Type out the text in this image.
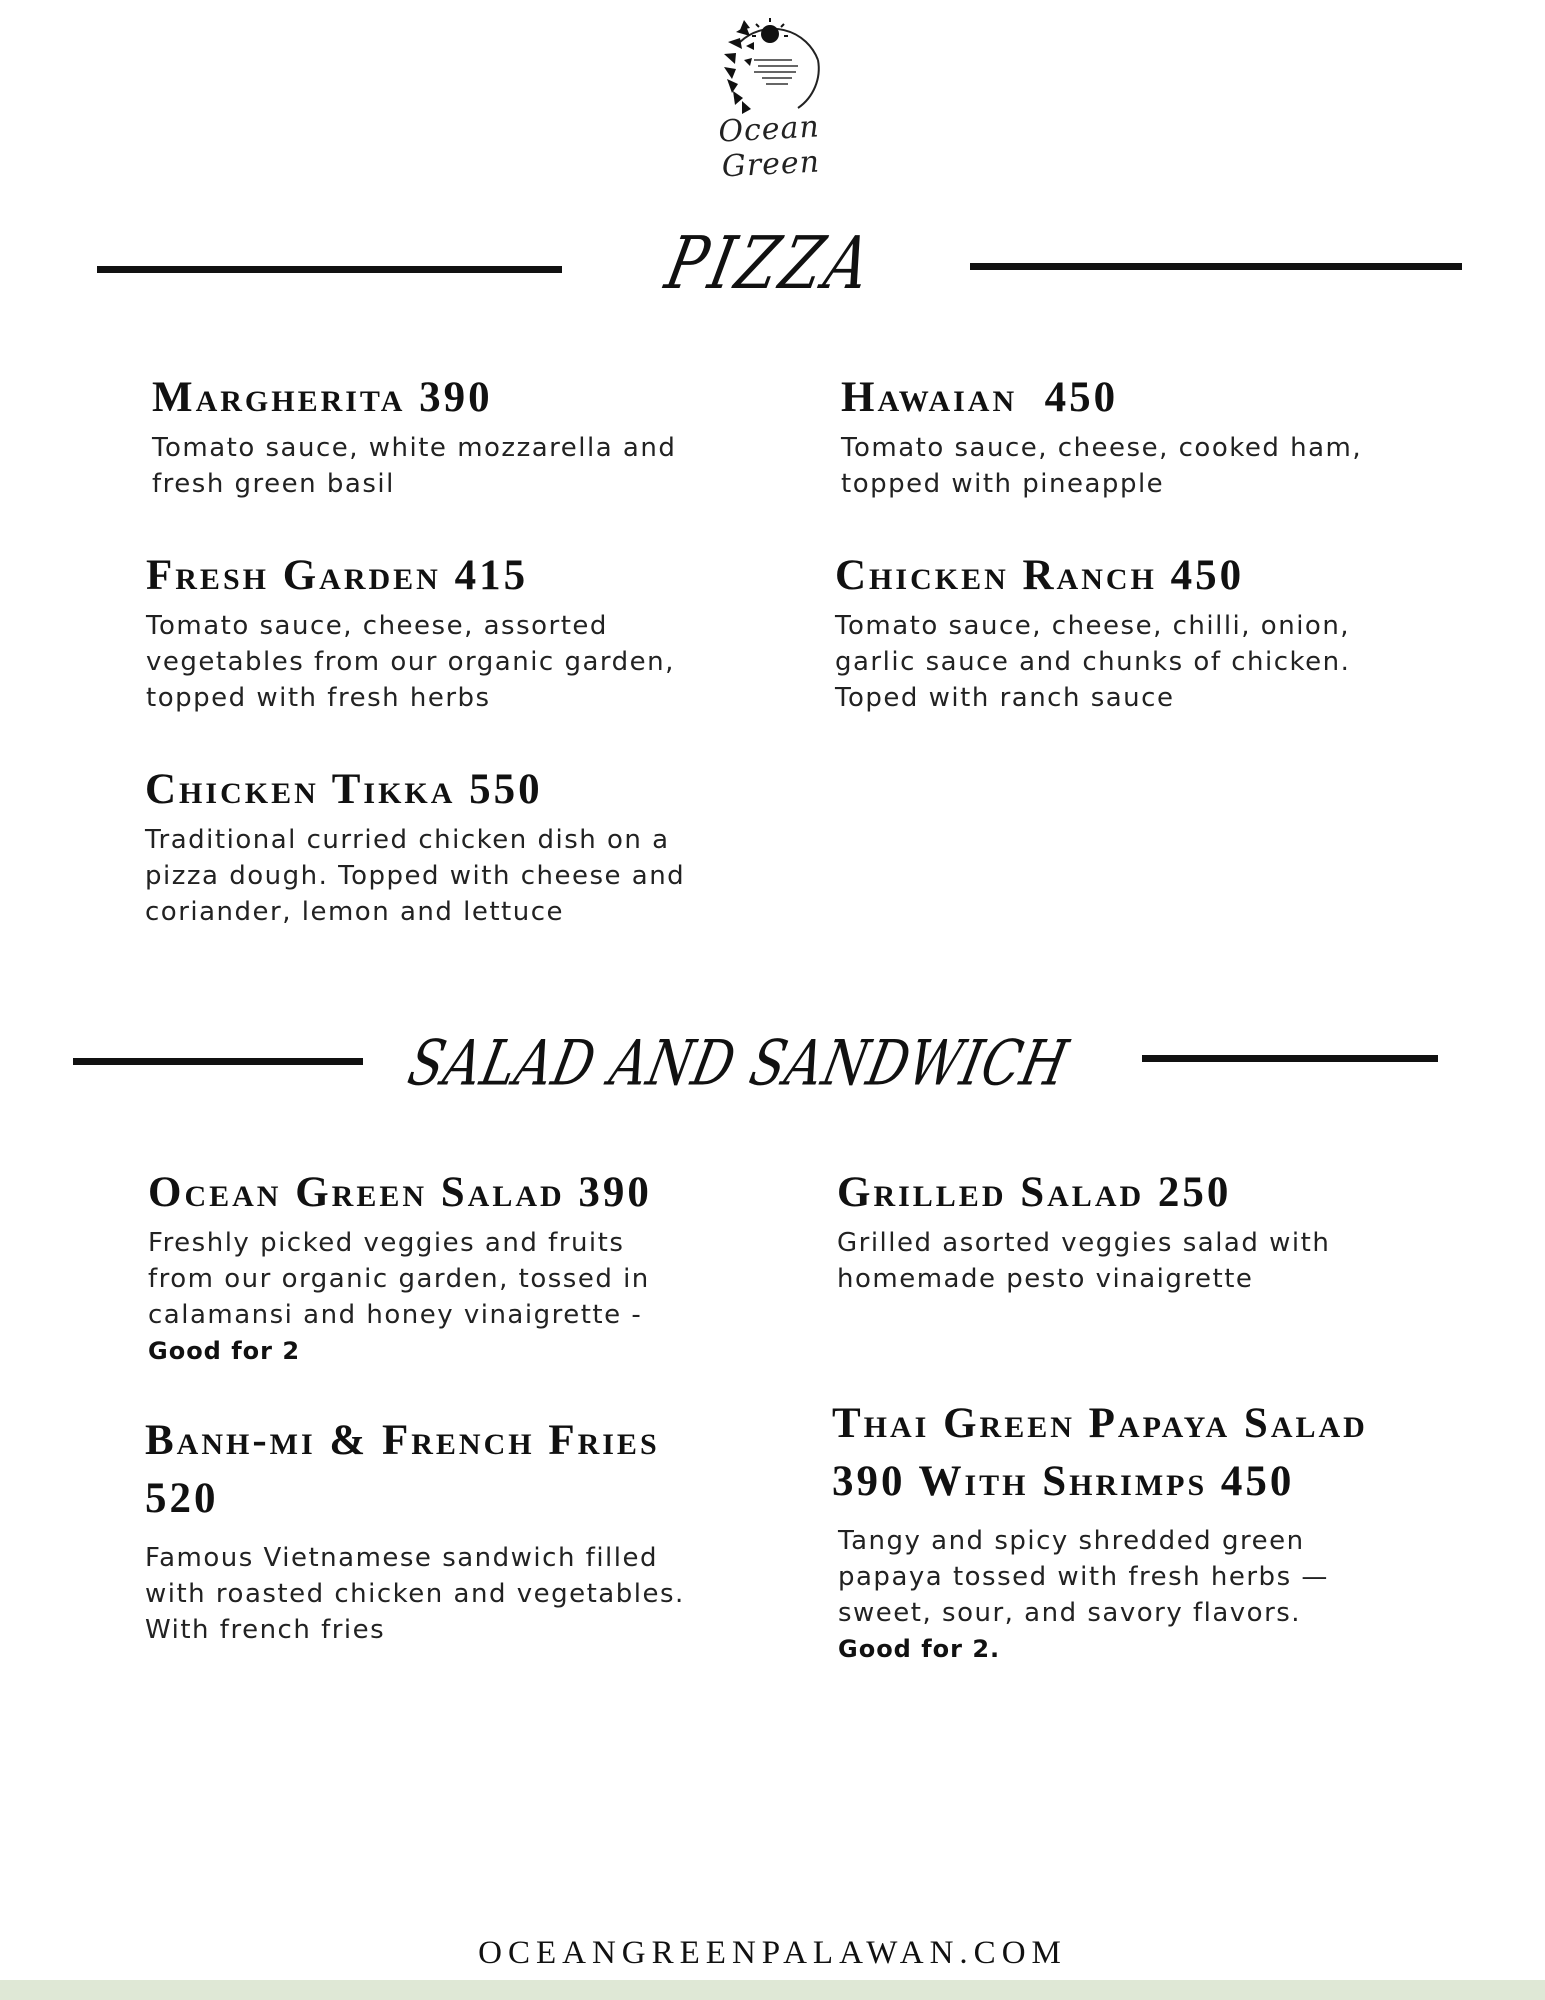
Ocean Green
PIZZA
Margherita 390

Tomato sauce, white mozzarella and fresh green basil

Hawaian  450

Tomato sauce, cheese, cooked ham, topped with pineapple

Fresh Garden 415

Tomato sauce, cheese, assorted vegetables from our organic garden, topped with fresh herbs

Chicken Ranch 450

Tomato sauce, cheese, chilli, onion, garlic sauce and chunks of chicken. Toped with ranch sauce

Chicken Tikka 550

Traditional curried chicken dish on a pizza dough. Topped with cheese and coriander, lemon and lettuce

SALAD AND SANDWICH
Ocean Green Salad 390

Freshly picked veggies and fruits from our organic garden, tossed in calamansi and honey vinaigrette -
Good for 2

Grilled Salad 250

Grilled asorted veggies salad with homemade pesto vinaigrette

Banh-mi & French Fries 520

Famous Vietnamese sandwich filled with roasted chicken and vegetables. With french fries

Thai Green Papaya Salad 390 With Shrimps 450

Tangy and spicy shredded green papaya tossed with fresh herbs — sweet, sour, and savory flavors.
Good for 2.

OCEANGREENPALAWAN.COM
